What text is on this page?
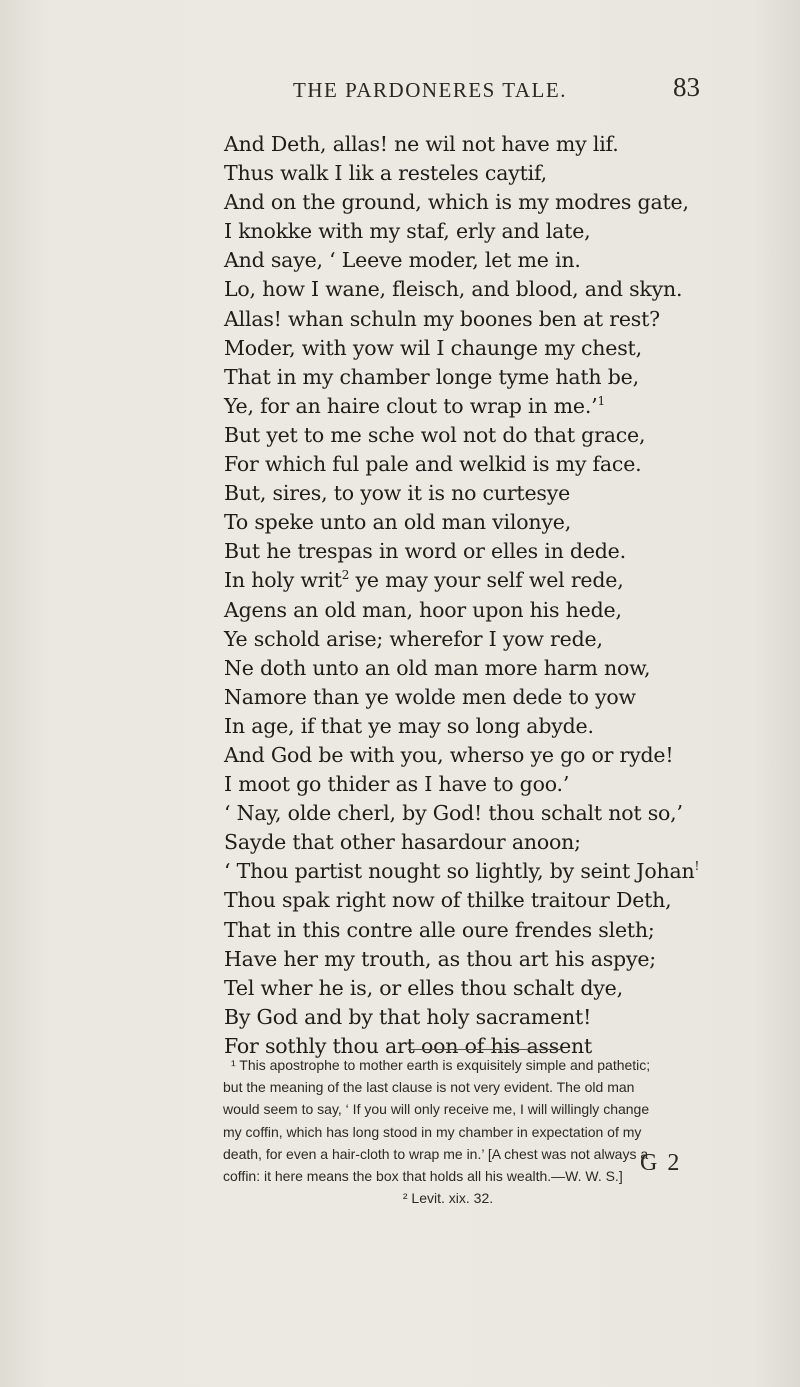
THE PARDONERES TALE.	83
And Deth, allas! ne wil not have my lif.
Thus walk I lik a resteles caytif,
And on the ground, which is my modres gate,
I knokke with my staf, erly and late,
And saye, ‘ Leeve moder, let me in.
Lo, how I wane, fleisch, and blood, and skyn.
Allas! whan schuln my boones ben at rest?
Moder, with yow wil I chaunge my chest,
That in my chamber longe tyme hath be,
Ye, for an haire clout to wrap in me.’$^1$
But yet to me sche wol not do that grace,
For which ful pale and welkid is my face.
But, sires, to yow it is no curtesye
To speke unto an old man vilonye,
But he trespas in word or elles in dede.
In holy writ$^2$ ye may your self wel rede,
Agens an old man, hoor upon his hede,
Ye schold arise; wherefor I yow rede,
Ne doth unto an old man more harm now,
Namore than ye wolde men dede to yow
In age, if that ye may so long abyde.
And God be with you, wherso ye go or ryde!
I moot go thider as I have to goo.’
‘ Nay, olde cherl, by God! thou schalt not so,’
Sayde that other hasardour anoon;
‘ Thou partist nought so lightly, by seint Johan!
Thou spak right now of thilke traitour Deth,
That in this contre alle oure frendes sleth;
Have her my trouth, as thou art his aspye;
Tel wher he is, or elles thou schalt dye,
By God and by that holy sacrament!
For sothly thou art oon of his assent
¹ This apostrophe to mother earth is exquisitely simple and pathetic;
but the meaning of the last clause is not very evident. The old man
would seem to say, ‘ If you will only receive me, I will willingly change
my coffin, which has long stood in my chamber in expectation of my
death, for even a hair-cloth to wrap me in.’ [A chest was not always a
coffin: it here means the box that holds all his wealth.—W. W. S.]
² Levit. xix. 32.
G 2
